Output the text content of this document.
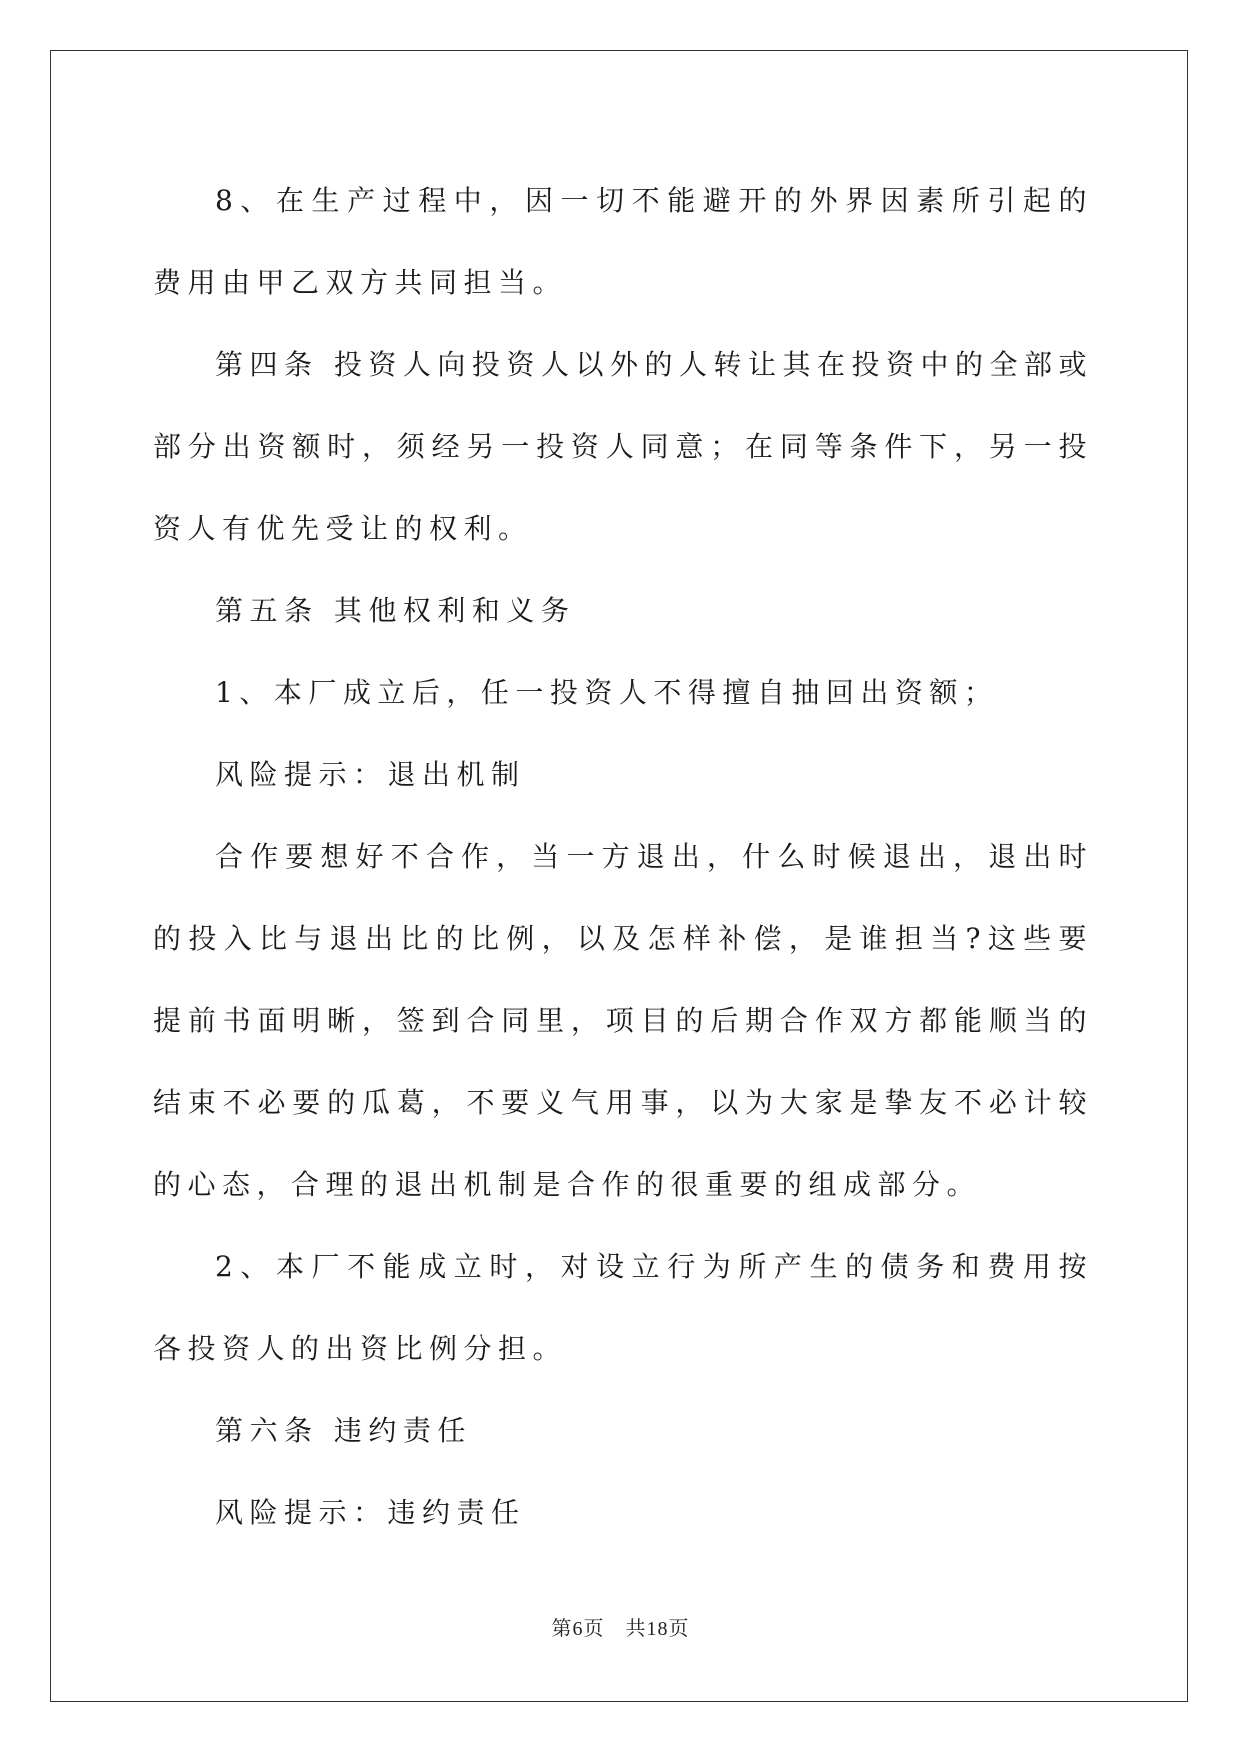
8、在生产过程中，因一切不能避开的外界因素所引起的费用由甲乙双方共同担当。

第四条 投资人向投资人以外的人转让其在投资中的全部或部分出资额时，须经另一投资人同意；在同等条件下，另一投资人有优先受让的权利。

第五条 其他权利和义务

1、本厂成立后，任一投资人不得擅自抽回出资额；

风险提示：退出机制

合作要想好不合作，当一方退出，什么时候退出，退出时的投入比与退出比的比例，以及怎样补偿，是谁担当?这些要提前书面明晰，签到合同里，项目的后期合作双方都能顺当的结束不必要的瓜葛，不要义气用事，以为大家是挚友不必计较的心态，合理的退出机制是合作的很重要的组成部分。

2、本厂不能成立时，对设立行为所产生的债务和费用按各投资人的出资比例分担。

第六条 违约责任

风险提示：违约责任

第6页　共18页
